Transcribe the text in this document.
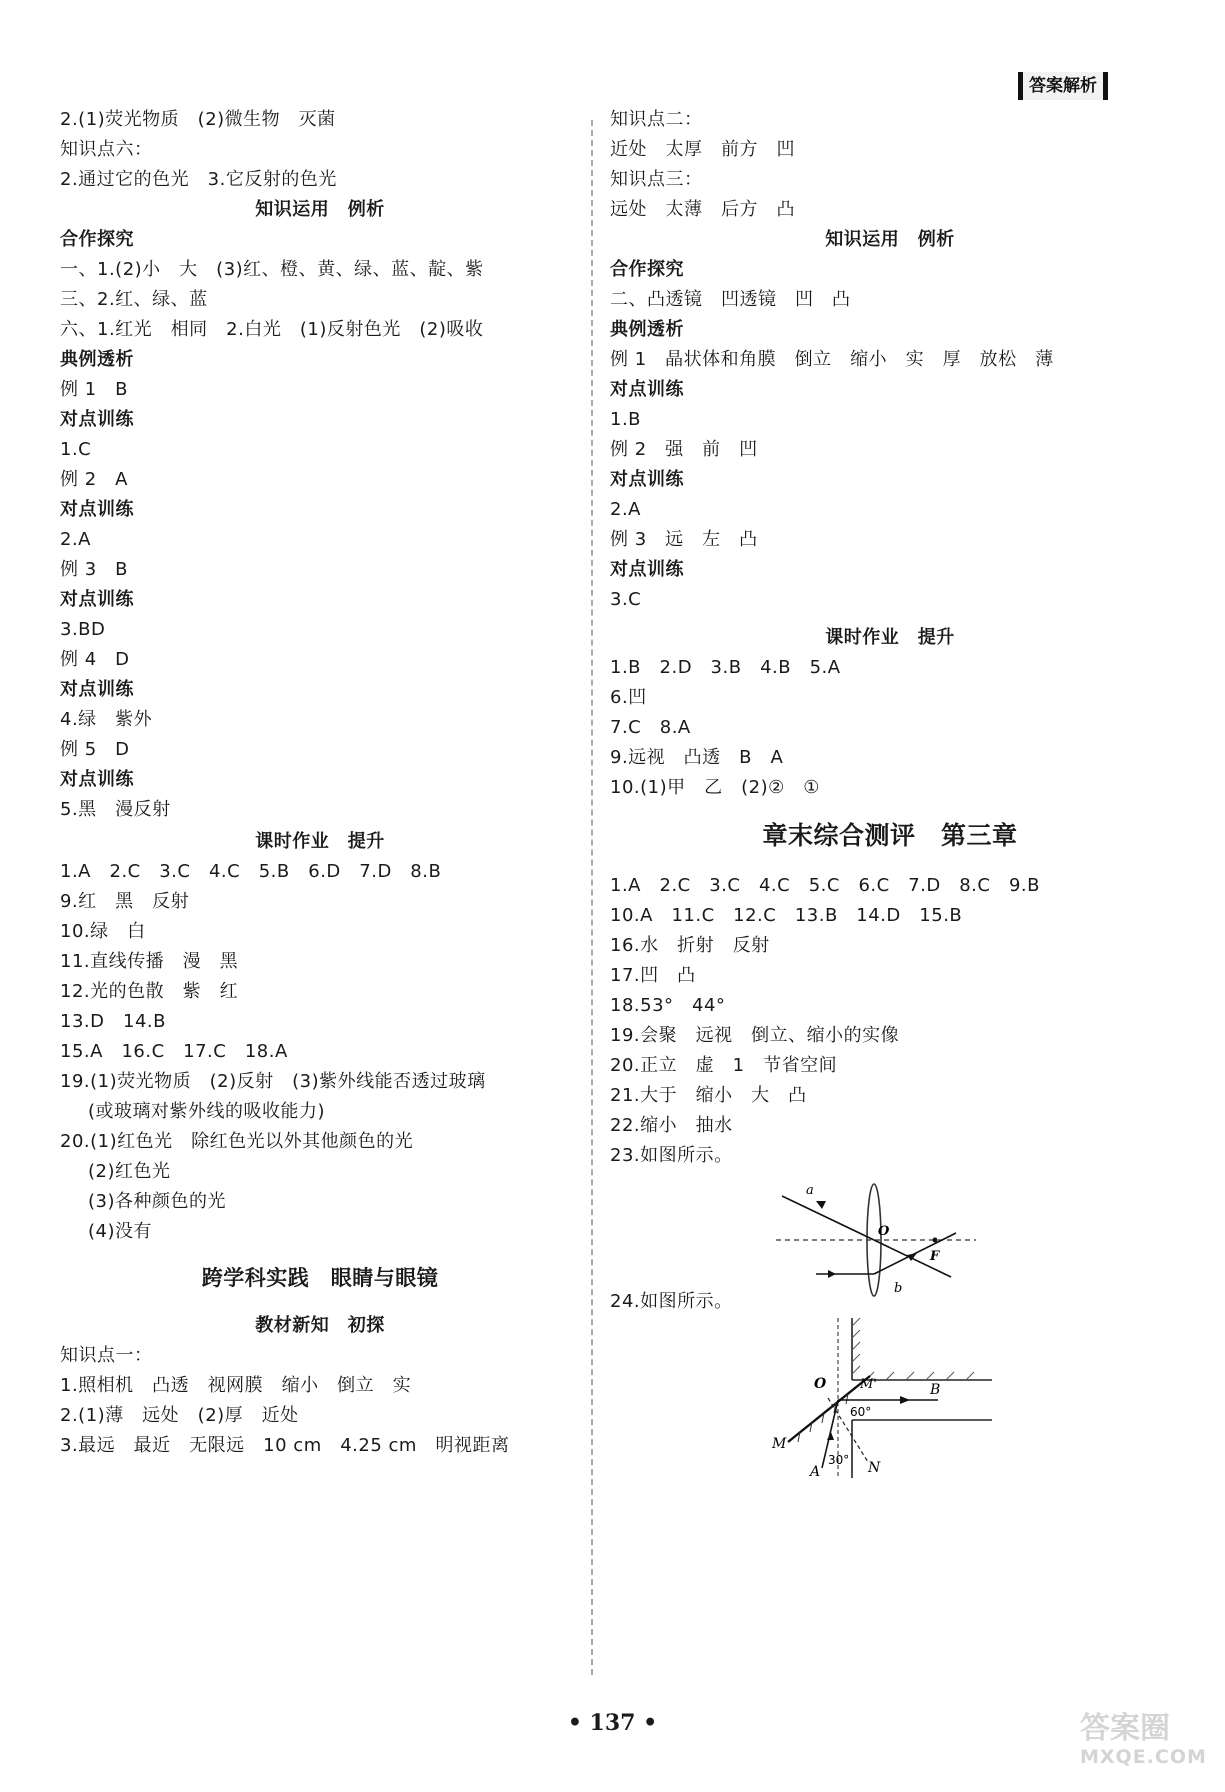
答案解析
2.(1)荧光物质　(2)微生物　灭菌
知识点六：
2.通过它的色光　3.它反射的色光
知识运用　例析
合作探究
一、1.(2)小　大　(3)红、橙、黄、绿、蓝、靛、紫
三、2.红、绿、蓝
六、1.红光　相同　2.白光　(1)反射色光　(2)吸收
典例透析
例 1　B
对点训练
1.C
例 2　A
对点训练
2.A
例 3　B
对点训练
3.BD
例 4　D
对点训练
4.绿　紫外
例 5　D
对点训练
5.黑　漫反射
课时作业　提升
1.A　2.C　3.C　4.C　5.B　6.D　7.D　8.B
9.红　黑　反射
10.绿　白
11.直线传播　漫　黑
12.光的色散　紫　红
13.D　14.B
15.A　16.C　17.C　18.A
19.(1)荧光物质　(2)反射　(3)紫外线能否透过玻璃
(或玻璃对紫外线的吸收能力)
20.(1)红色光　除红色光以外其他颜色的光
(2)红色光
(3)各种颜色的光
(4)没有
跨学科实践　眼睛与眼镜
教材新知　初探
知识点一：
1.照相机　凸透　视网膜　缩小　倒立　实
2.(1)薄　远处　(2)厚　近处
3.最远　最近　无限远　10 cm　4.25 cm　明视距离
知识点二：
近处　太厚　前方　凹
知识点三：
远处　太薄　后方　凸
知识运用　例析
合作探究
二、凸透镜　凹透镜　凹　凸
典例透析
例 1　晶状体和角膜　倒立　缩小　实　厚　放松　薄
对点训练
1.B
例 2　强　前　凹
对点训练
2.A
例 3　远　左　凸
对点训练
3.C
课时作业　提升
1.B　2.D　3.B　4.B　5.A
6.凹
7.C　8.A
9.远视　凸透　B　A
10.(1)甲　乙　(2)②　①
章末综合测评　第三章
1.A　2.C　3.C　4.C　5.C　6.C　7.D　8.C　9.B
10.A　11.C　12.C　13.B　14.D　15.B
16.水　折射　反射
17.凹　凸
18.53°　44°
19.会聚　远视　倒立、缩小的实像
20.正立　虚　1　节省空间
21.大于　缩小　大　凸
22.缩小　抽水
23.如图所示。
24.如图所示。
a
O
F
b
O	M'	B
60°
M
30°
A	N
• 137 •	答案圈
MXQE.COM
